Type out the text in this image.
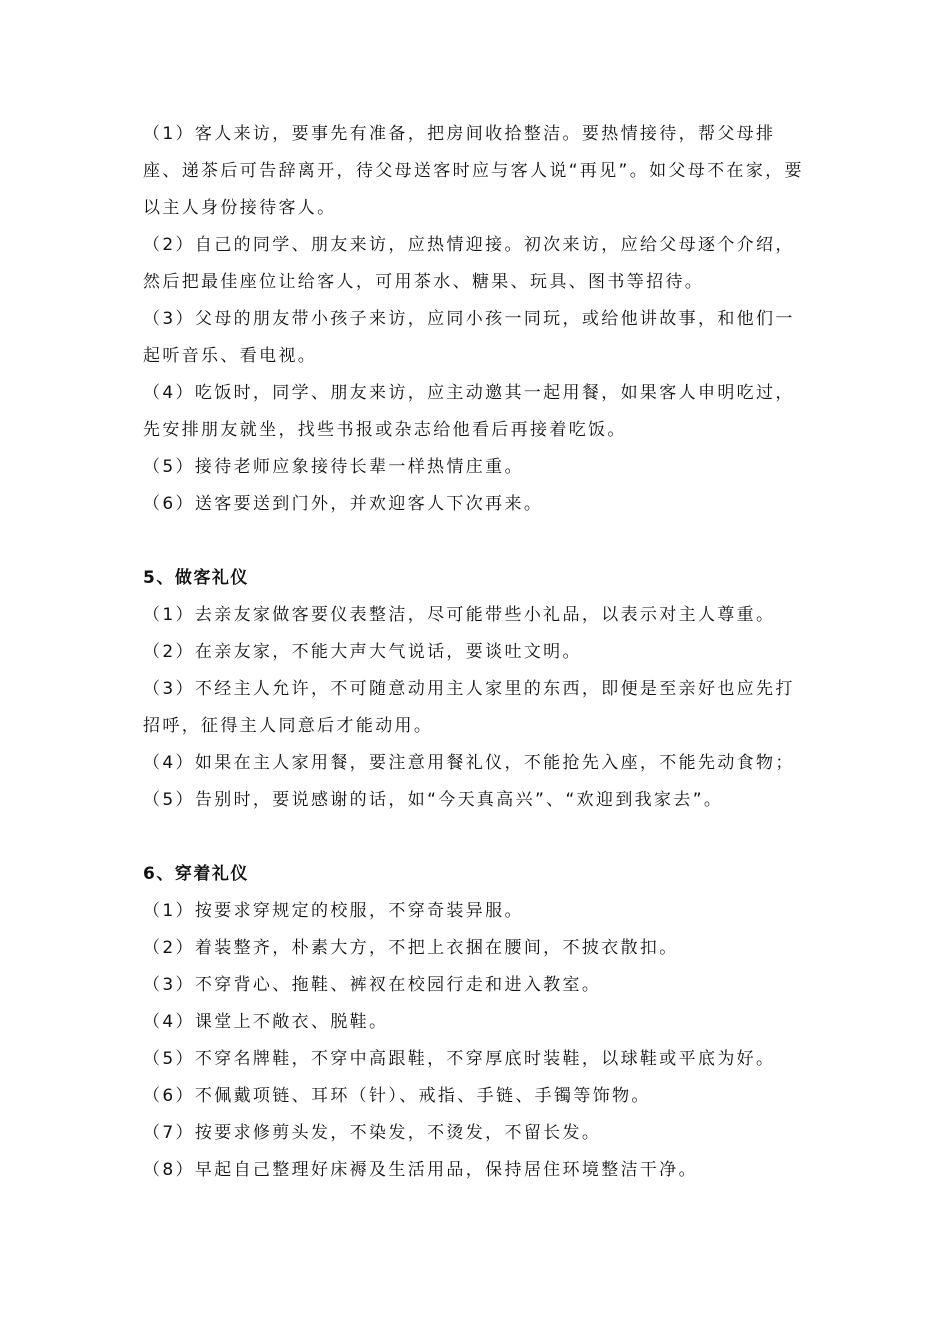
（1）客人来访，要事先有准备，把房间收拾整洁。要热情接待，帮父母排座、递茶后可告辞离开，待父母送客时应与客人说“再见”。如父母不在家，要以主人身份接待客人。
（2）自己的同学、朋友来访，应热情迎接。初次来访，应给父母逐个介绍，然后把最佳座位让给客人，可用茶水、糖果、玩具、图书等招待。
（3）父母的朋友带小孩子来访，应同小孩一同玩，或给他讲故事，和他们一起听音乐、看电视。
（4）吃饭时，同学、朋友来访，应主动邀其一起用餐，如果客人申明吃过，先安排朋友就坐，找些书报或杂志给他看后再接着吃饭。
（5）接待老师应象接待长辈一样热情庄重。
（6）送客要送到门外，并欢迎客人下次再来。
5、做客礼仪
（1）去亲友家做客要仪表整洁，尽可能带些小礼品，以表示对主人尊重。
（2）在亲友家，不能大声大气说话，要谈吐文明。
（3）不经主人允许，不可随意动用主人家里的东西，即便是至亲好也应先打招呼，征得主人同意后才能动用。
（4）如果在主人家用餐，要注意用餐礼仪，不能抢先入座，不能先动食物；
（5）告别时，要说感谢的话，如“今天真高兴”、“欢迎到我家去”。
6、穿着礼仪
（1）按要求穿规定的校服，不穿奇装异服。
（2）着装整齐，朴素大方，不把上衣捆在腰间，不披衣散扣。
（3）不穿背心、拖鞋、裤衩在校园行走和进入教室。
（4）课堂上不敞衣、脱鞋。
（5）不穿名牌鞋，不穿中高跟鞋，不穿厚底时装鞋，以球鞋或平底为好。
（6）不佩戴项链、耳环（针）、戒指、手链、手镯等饰物。
（7）按要求修剪头发，不染发，不烫发，不留长发。
（8）早起自己整理好床褥及生活用品，保持居住环境整洁干净。
